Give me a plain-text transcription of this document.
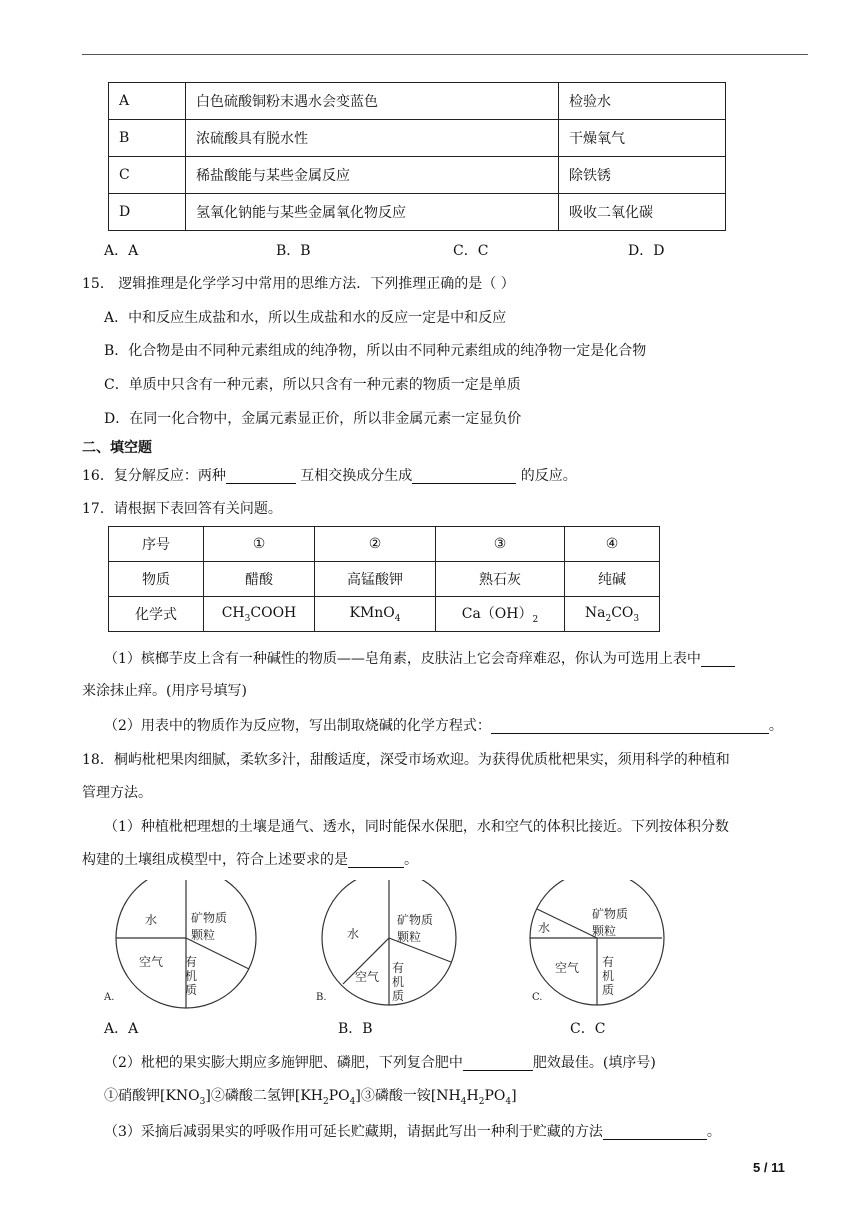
A	白色硫酸铜粉末遇水会变蓝色	检验水
B	浓硫酸具有脱水性	干燥氧气
C	稀盐酸能与某些金属反应	除铁锈
D	氢氧化钠能与某些金属氧化物反应	吸收二氧化碳
A．A	B．B	C．C	D．D
15． 逻辑推理是化学学习中常用的思维方法．下列推理正确的是（ ）
A．中和反应生成盐和水，所以生成盐和水的反应一定是中和反应
B．化合物是由不同种元素组成的纯净物，所以由不同种元素组成的纯净物一定是化合物
C．单质中只含有一种元素，所以只含有一种元素的物质一定是单质
D．在同一化合物中，金属元素显正价，所以非金属元素一定显负价
二、填空题
16．复分解反应：两种	互相交换成分生成	的反应。
17．请根据下表回答有关问题。
序号	①	②	③	④
物质	醋酸	高锰酸钾	熟石灰	纯碱
化学式	$CH_3COOH$	KMnO$_4$	$Ca(OH)_2$	$Na_2CO_3$
（1）槟榔芋皮上含有一种碱性的物质——皂角素，皮肤沾上它会奇痒难忍，你认为可选用上表中
来涂抹止痒。(用序号填写)
（2）用表中的物质作为反应物，写出制取烧碱的化学方程式：	。
18．桐屿枇杷果肉细腻，柔软多汁，甜酸适度，深受市场欢迎。为获得优质枇杷果实，须用科学的种植和
管理方法。
（1）种植枇杷理想的土壤是通气、透水，同时能保水保肥，水和空气的体积比接近。下列按体积分数
构建的土壤组成模型中，符合上述要求的是	。
水	矿物质
颗粒
空气 有
机
质
A.
水
矿物质
颗粒
空气
有
机
质
B.
水
矿物质
颗粒
空气 有
机
质
C.
A．A	B．B	C．C
（2）枇杷的果实膨大期应多施钾肥、磷肥，下列复合肥中	肥效最佳。(填序号)
①硝酸钾$[KNO_3]②$磷酸二氢钾$[KH_2PO_4]③$磷酸一铵$[NH_4H_2PO_4]$
（3）采摘后减弱果实的呼吸作用可延长贮藏期，请据此写出一种利于贮藏的方法	。
5 / 11
